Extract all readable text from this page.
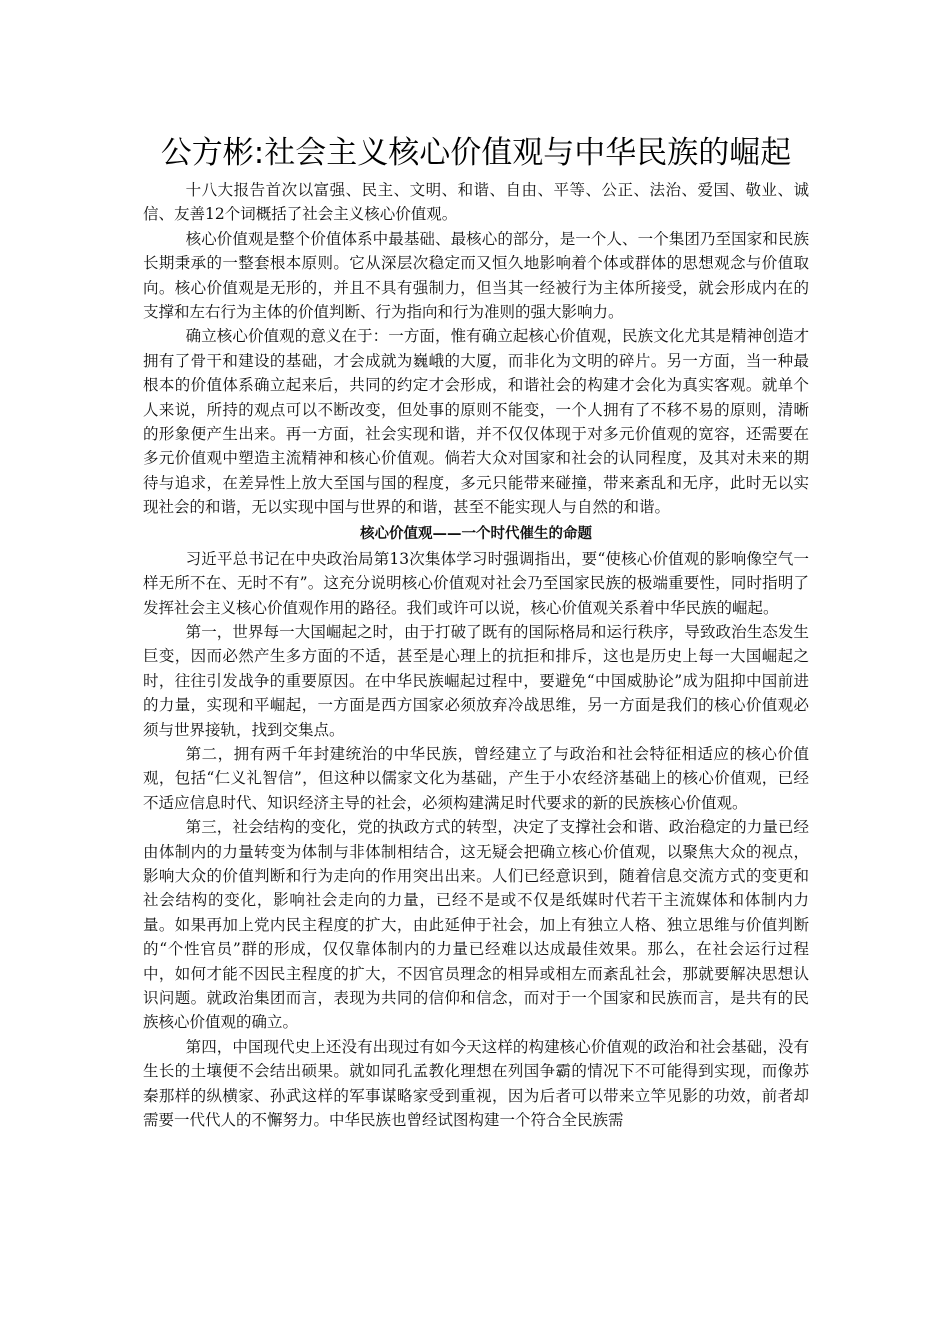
公方彬:社会主义核心价值观与中华民族的崛起

十八大报告首次以富强、民主、文明、和谐、自由、平等、公正、法治、爱国、敬业、诚信、友善12个词概括了社会主义核心价值观。

核心价值观是整个价值体系中最基础、最核心的部分，是一个人、一个集团乃至国家和民族长期秉承的一整套根本原则。它从深层次稳定而又恒久地影响着个体或群体的思想观念与价值取向。核心价值观是无形的，并且不具有强制力，但当其一经被行为主体所接受，就会形成内在的支撑和左右行为主体的价值判断、行为指向和行为准则的强大影响力。

确立核心价值观的意义在于：一方面，惟有确立起核心价值观，民族文化尤其是精神创造才拥有了骨干和建设的基础，才会成就为巍峨的大厦，而非化为文明的碎片。另一方面，当一种最根本的价值体系确立起来后，共同的约定才会形成，和谐社会的构建才会化为真实客观。就单个人来说，所持的观点可以不断改变，但处事的原则不能变，一个人拥有了不移不易的原则，清晰的形象便产生出来。再一方面，社会实现和谐，并不仅仅体现于对多元价值观的宽容，还需要在多元价值观中塑造主流精神和核心价值观。倘若大众对国家和社会的认同程度，及其对未来的期待与追求，在差异性上放大至国与国的程度，多元只能带来碰撞，带来紊乱和无序，此时无以实现社会的和谐，无以实现中国与世界的和谐，甚至不能实现人与自然的和谐。

核心价值观——一个时代催生的命题

习近平总书记在中央政治局第13次集体学习时强调指出，要“使核心价值观的影响像空气一样无所不在、无时不有”。这充分说明核心价值观对社会乃至国家民族的极端重要性，同时指明了发挥社会主义核心价值观作用的路径。我们或许可以说，核心价值观关系着中华民族的崛起。

第一，世界每一大国崛起之时，由于打破了既有的国际格局和运行秩序，导致政治生态发生巨变，因而必然产生多方面的不适，甚至是心理上的抗拒和排斥，这也是历史上每一大国崛起之时，往往引发战争的重要原因。在中华民族崛起过程中，要避免“中国威胁论”成为阻抑中国前进的力量，实现和平崛起，一方面是西方国家必须放弃冷战思维，另一方面是我们的核心价值观必须与世界接轨，找到交集点。

第二，拥有两千年封建统治的中华民族，曾经建立了与政治和社会特征相适应的核心价值观，包括“仁义礼智信”，但这种以儒家文化为基础，产生于小农经济基础上的核心价值观，已经不适应信息时代、知识经济主导的社会，必须构建满足时代要求的新的民族核心价值观。

第三，社会结构的变化，党的执政方式的转型，决定了支撑社会和谐、政治稳定的力量已经由体制内的力量转变为体制与非体制相结合，这无疑会把确立核心价值观，以聚焦大众的视点，影响大众的价值判断和行为走向的作用突出出来。人们已经意识到，随着信息交流方式的变更和社会结构的变化，影响社会走向的力量，已经不是或不仅是纸媒时代若干主流媒体和体制内力量。如果再加上党内民主程度的扩大，由此延伸于社会，加上有独立人格、独立思维与价值判断的“个性官员”群的形成，仅仅靠体制内的力量已经难以达成最佳效果。那么，在社会运行过程中，如何才能不因民主程度的扩大，不因官员理念的相异或相左而紊乱社会，那就要解决思想认识问题。就政治集团而言，表现为共同的信仰和信念，而对于一个国家和民族而言，是共有的民族核心价值观的确立。

第四，中国现代史上还没有出现过有如今天这样的构建核心价值观的政治和社会基础，没有生长的土壤便不会结出硕果。就如同孔孟教化理想在列国争霸的情况下不可能得到实现，而像苏秦那样的纵横家、孙武这样的军事谋略家受到重视，因为后者可以带来立竿见影的功效，前者却需要一代代人的不懈努力。中华民族也曾经试图构建一个符合全民族需
